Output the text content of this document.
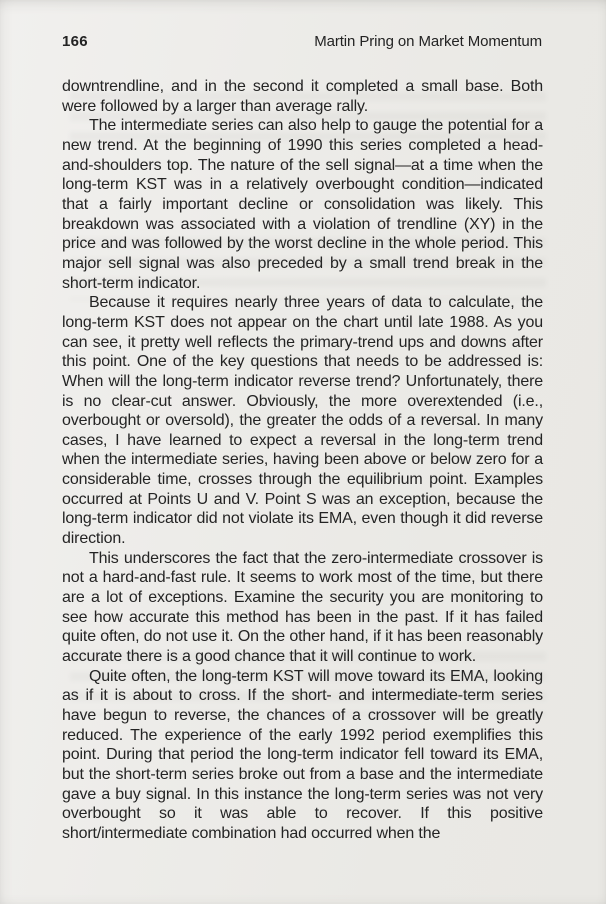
166	Martin Pring on Market Momentum

downtrendline, and in the second it completed a small base. Both were followed by a larger than average rally.

The intermediate series can also help to gauge the potential for a new trend. At the beginning of 1990 this series completed a head-and-shoulders top. The nature of the sell signal—at a time when the long-term KST was in a relatively overbought condition—indicated that a fairly important decline or consolidation was likely. This breakdown was associated with a violation of trendline (XY) in the price and was followed by the worst decline in the whole period. This major sell signal was also preceded by a small trend break in the short-term indicator.

Because it requires nearly three years of data to calculate, the long-term KST does not appear on the chart until late 1988. As you can see, it pretty well reflects the primary-trend ups and downs after this point. One of the key questions that needs to be addressed is: When will the long-term indicator reverse trend? Unfortunately, there is no clear-cut answer. Obviously, the more overextended (i.e., overbought or oversold), the greater the odds of a reversal. In many cases, I have learned to expect a reversal in the long-term trend when the intermediate series, having been above or below zero for a considerable time, crosses through the equilibrium point. Examples occurred at Points U and V. Point S was an exception, because the long-term indicator did not violate its EMA, even though it did reverse direction.

This underscores the fact that the zero-intermediate crossover is not a hard-and-fast rule. It seems to work most of the time, but there are a lot of exceptions. Examine the security you are monitoring to see how accurate this method has been in the past. If it has failed quite often, do not use it. On the other hand, if it has been reasonably accurate there is a good chance that it will continue to work.

Quite often, the long-term KST will move toward its EMA, looking as if it is about to cross. If the short- and intermediate-term series have begun to reverse, the chances of a crossover will be greatly reduced. The experience of the early 1992 period exemplifies this point. During that period the long-term indicator fell toward its EMA, but the short-term series broke out from a base and the intermediate gave a buy signal. In this instance the long-term series was not very overbought so it was able to recover. If this positive short/intermediate combination had occurred when the
